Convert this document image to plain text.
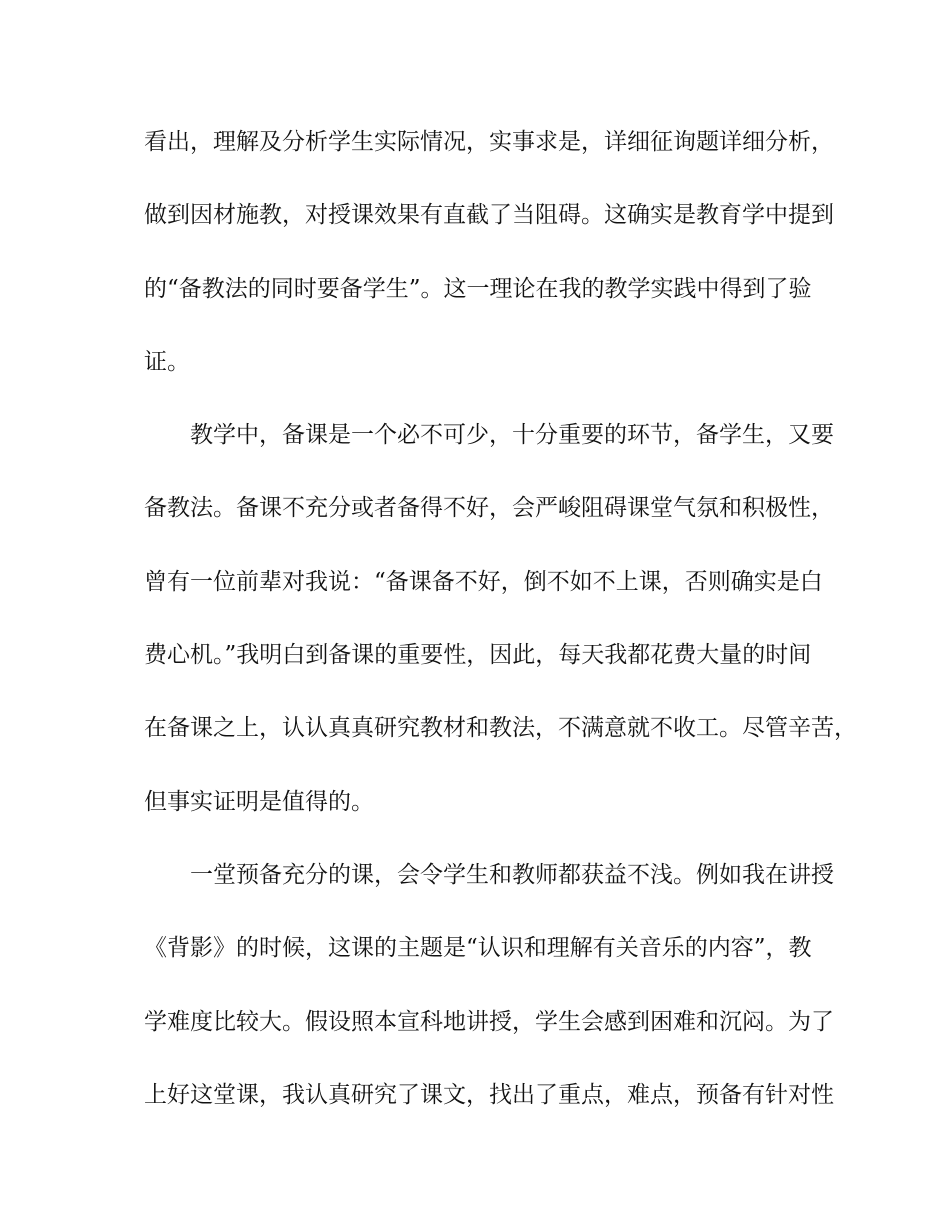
看出，理解及分析学生实际情况，实事求是，详细征询题详细分析，
做到因材施教，对授课效果有直截了当阻碍。这确实是教育学中提到
的“备教法的同时要备学生”。这一理论在我的教学实践中得到了验
证。
教学中，备课是一个必不可少，十分重要的环节，备学生，又要
备教法。备课不充分或者备得不好，会严峻阻碍课堂气氛和积极性，
曾有一位前辈对我说：“备课备不好，倒不如不上课，否则确实是白
费心机。”我明白到备课的重要性，因此，每天我都花费大量的时间
在备课之上，认认真真研究教材和教法，不满意就不收工。尽管辛苦，
但事实证明是值得的。
一堂预备充分的课，会令学生和教师都获益不浅。例如我在讲授
《背影》的时候，这课的主题是“认识和理解有关音乐的内容”，教
学难度比较大。假设照本宣科地讲授，学生会感到困难和沉闷。为了
上好这堂课，我认真研究了课文，找出了重点，难点，预备有针对性
